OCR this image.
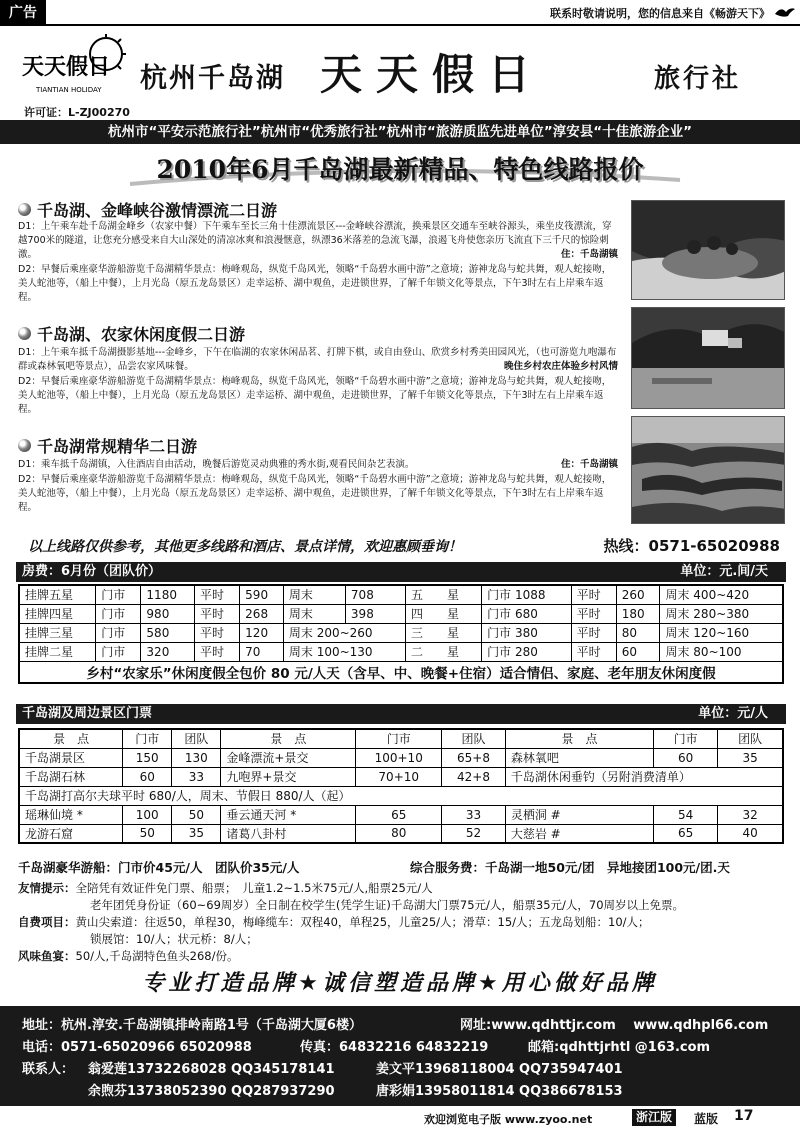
广告	联系时敬请说明，您的信息来自《畅游天下》
天天假日
TIANTIAN HOLIDAY
许可证：L-ZJ00270
杭州千岛湖 天天假日	旅行社
杭州市“平安示范旅行社”杭州市“优秀旅行社”杭州市“旅游质监先进单位”淳安县“十佳旅游企业”
2010年6月千岛湖最新精品、特色线路报价
千岛湖、金峰峡谷激情漂流二日游

D1：上午乘车赴千岛湖金峰乡（农家中餐）下午乘车至长三角十佳漂流景区---金峰峡谷漂流，换乘景区交通车至峡谷源头，乘坐皮筏漂流，穿越700米的隧道，让您充分感受来自大山深处的清凉冰爽和浪漫惬意，纵漂36米落差的急流飞瀑，浪遏飞舟使您亲历飞流直下三千尺的惊险刺激。	住：千岛湖镇

D2：早餐后乘座豪华游船游览千岛湖精华景点：梅峰观岛，纵览千岛风光，领略“千岛碧水画中游”之意境；游神龙岛与蛇共舞，观人蛇接吻，美人蛇池等，（船上中餐），上月光岛（原五龙岛景区）走幸运桥、湖中观鱼，走进锁世界，了解千年锁文化等景点，下午3时左右上岸乘车返程。

千岛湖、农家休闲度假二日游

D1：上午乘车抵千岛湖摄影基地---金峰乡，下午在临湖的农家休闲品茗、打牌下棋，或自由登山、欣赏乡村秀美田园风光，（也可游览九咆瀑布群或森林氧吧等景点），品尝农家风味餐。	晚住乡村农庄体验乡村风情

D2：早餐后乘座豪华游船游览千岛湖精华景点：梅峰观岛，纵览千岛风光，领略“千岛碧水画中游”之意境；游神龙岛与蛇共舞，观人蛇接吻，美人蛇池等，（船上中餐），上月光岛（原五龙岛景区）走幸运桥、湖中观鱼，走进锁世界，了解千年锁文化等景点，下午3时左右上岸乘车返程。

千岛湖常规精华二日游

D1：乘车抵千岛湖镇，入住酒店自由活动，晚餐后游览灵动典雅的秀水街,观看民间杂艺表演。	住：千岛湖镇

D2：早餐后乘座豪华游船游览千岛湖精华景点：梅峰观岛，纵览千岛风光，领略“千岛碧水画中游”之意境；游神龙岛与蛇共舞，观人蛇接吻，美人蛇池等，（船上中餐），上月光岛（原五龙岛景区）走幸运桥、湖中观鱼，走进锁世界，了解千年锁文化等景点，下午3时左右上岸乘车返程。

以上线路仅供参考，其他更多线路和酒店、景点详情，欢迎惠顾垂询！	热线：0571-65020988
房费：6月份（团队价）	单位：元.间/天
挂牌五星	门市	1180	平时	590	周末	708	五　　星	门市 1088	平时	260	周末 400~420
挂牌四星	门市	980	平时	268	周末	398	四　　星	门市 680	平时	180	周末 280~380
挂牌三星	门市	580	平时	120	周末 200~260		三　　星	门市 380	平时	80	周末 120~160
挂牌二星	门市	320	平时	70	周末 100~130		二　　星	门市 280	平时	60	周末 80~100
乡村“农家乐”休闲度假全包价 80 元/人天（含早、中、晚餐+住宿）适合情侣、家庭、老年朋友休闲度假											
千岛湖及周边景区门票	单位：元/人
景　点	门市	团队	景　点	门市	团队	景　点	门市	团队
千岛湖景区	150	130	金峰漂流+景交	100+10	65+8	森林氧吧	60	35
千岛湖石林	60	33	九咆界+景交	70+10	42+8	千岛湖休闲垂钓（另附消费清单）		
千岛湖打高尔夫球平时 680/人，周末、节假日 880/人（起）								
瑶琳仙境 *	100	50	垂云通天河 *	65	33	灵栖洞 #	54	32
龙游石窟	50	35	诸葛八卦村	80	52	大慈岩 #	65	40
千岛湖豪华游船：门市价45元/人　团队价35元/人	综合服务费：千岛湖一地50元/团　异地接团100元/团.天
友情提示：全陪凭有效证件免门票、船票；　儿童1.2~1.5米75元/人,船票25元/人
老年团凭身份证（60~69周岁）全日制在校学生(凭学生证)千岛湖大门票75元/人，船票35元/人，70周岁以上免票。
自费项目：黄山尖索道：往返50，单程30，梅峰缆车：双程40，单程25，儿童25/人；滑草：15/人；五龙岛划船：10/人；
锁展馆：10/人；状元桥：8/人；
风味鱼宴：50/人,千岛湖特色鱼头268/份。
专业打造品牌★诚信塑造品牌★用心做好品牌
地址：杭州.淳安.千岛湖镇排岭南路1号（千岛湖大厦6楼）	网址:www.qdhttjr.com　 www.qdhpl66.com
电话：0571-65020966 65020988	传真：64832216 64832219	邮箱:qdhttjrhtl @163.com
联系人： 翁爱莲13732268028 QQ345178141	姜文平13968118004 QQ735947401
余煦芬13738052390 QQ287937290	唐彩娟13958011814 QQ386678153
欢迎浏览电子版 www.zyoo.net	浙江版	蓝版 17
